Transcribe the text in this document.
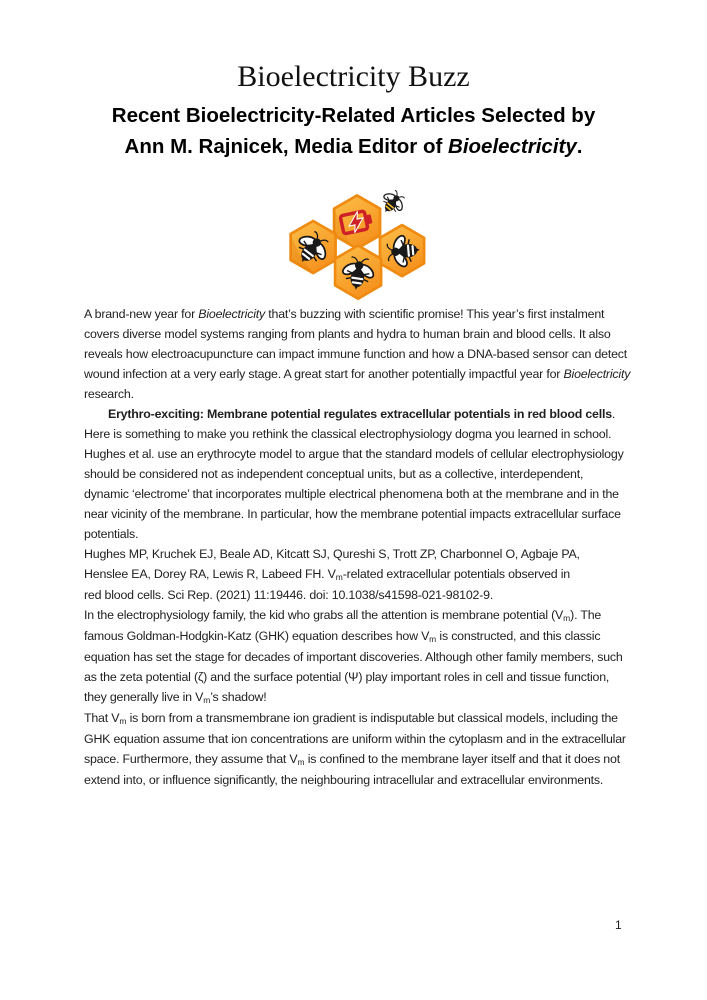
Bioelectricity Buzz
Recent Bioelectricity-Related Articles Selected by
Ann M. Rajnicek, Media Editor of Bioelectricity.

A brand-new year for Bioelectricity that’s buzzing with scientific promise! This year’s first instalment covers diverse model systems ranging from plants and hydra to human brain and blood cells. It also reveals how electroacupuncture can impact immune function and how a DNA-based sensor can detect wound infection at a very early stage. A great start for another potentially impactful year for Bioelectricity research.

Erythro-exciting: Membrane potential regulates extracellular potentials in red blood cells.

Here is something to make you rethink the classical electrophysiology dogma you learned in school. Hughes et al. use an erythrocyte model to argue that the standard models of cellular electrophysiology should be considered not as independent conceptual units, but as a collective, interdependent, dynamic ‘electrome’ that incorporates multiple electrical phenomena both at the membrane and in the near vicinity of the membrane. In particular, how the membrane potential impacts extracellular surface potentials.

Hughes MP, Kruchek EJ, Beale AD, Kitcatt SJ, Qureshi S, Trott ZP, Charbonnel O, Agbaje PA, Henslee EA, Dorey RA, Lewis R, Labeed FH. Vm-related extracellular potentials observed in red blood cells. Sci Rep. (2021) 11:19446. doi: 10.1038/s41598-021-98102-9.

In the electrophysiology family, the kid who grabs all the attention is membrane potential (Vm). The famous Goldman-Hodgkin-Katz (GHK) equation describes how Vm is constructed, and this classic equation has set the stage for decades of important discoveries. Although other family members, such as the zeta potential (ζ) and the surface potential (Ψ) play important roles in cell and tissue function, they generally live in Vm’s shadow!

That Vm is born from a transmembrane ion gradient is indisputable but classical models, including the GHK equation assume that ion concentrations are uniform within the cytoplasm and in the extracellular space. Furthermore, they assume that Vm is confined to the membrane layer itself and that it does not extend into, or influence significantly, the neighbouring intracellular and extracellular environments.

1
